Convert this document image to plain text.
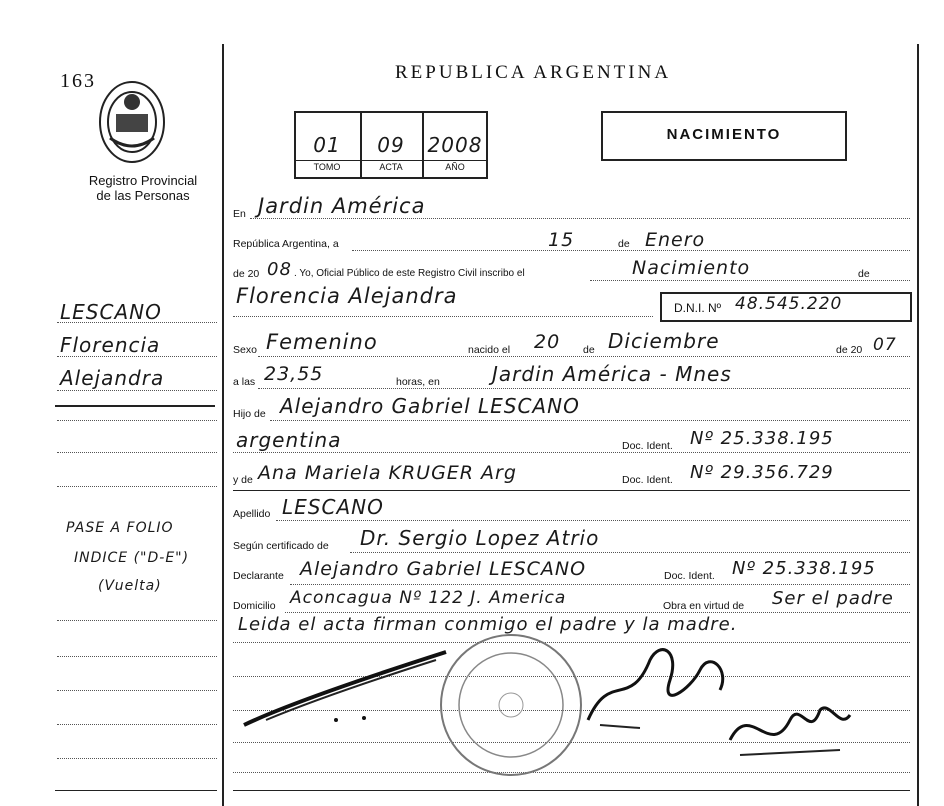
163
Registro Provincial
de las Personas
REPUBLICA ARGENTINA
01	09	2008
TOMO	ACTA	AÑO
NACIMIENTO
LESCANO
Florencia
Alejandra
PASE A FOLIO
INDICE ("D-E")
(Vuelta)
En Jardin América
República Argentina, a	15	de Enero
de 20 08 . Yo, Oficial Público de este Registro Civil inscribo el	Nacimiento	de
Florencia Alejandra	D.N.I. Nº 48.545.220
Sexo Femenino	nacido el 20 de Diciembre	de 20 07
a las 23,55	horas, en	Jardin América - Mnes
Hijo de Alejandro Gabriel LESCANO
argentina	Doc. Ident. Nº 25.338.195
y de Ana Mariela KRUGER Arg	Doc. Ident. Nº 29.356.729
Apellido LESCANO
Según certificado de Dr. Sergio Lopez Atrio
Declarante Alejandro Gabriel LESCANO	Doc. Ident. Nº 25.338.195
Domicilio Aconcagua Nº 122 J. America	Obra en virtud de Ser el padre
Leida el acta firman conmigo el padre y la madre.
